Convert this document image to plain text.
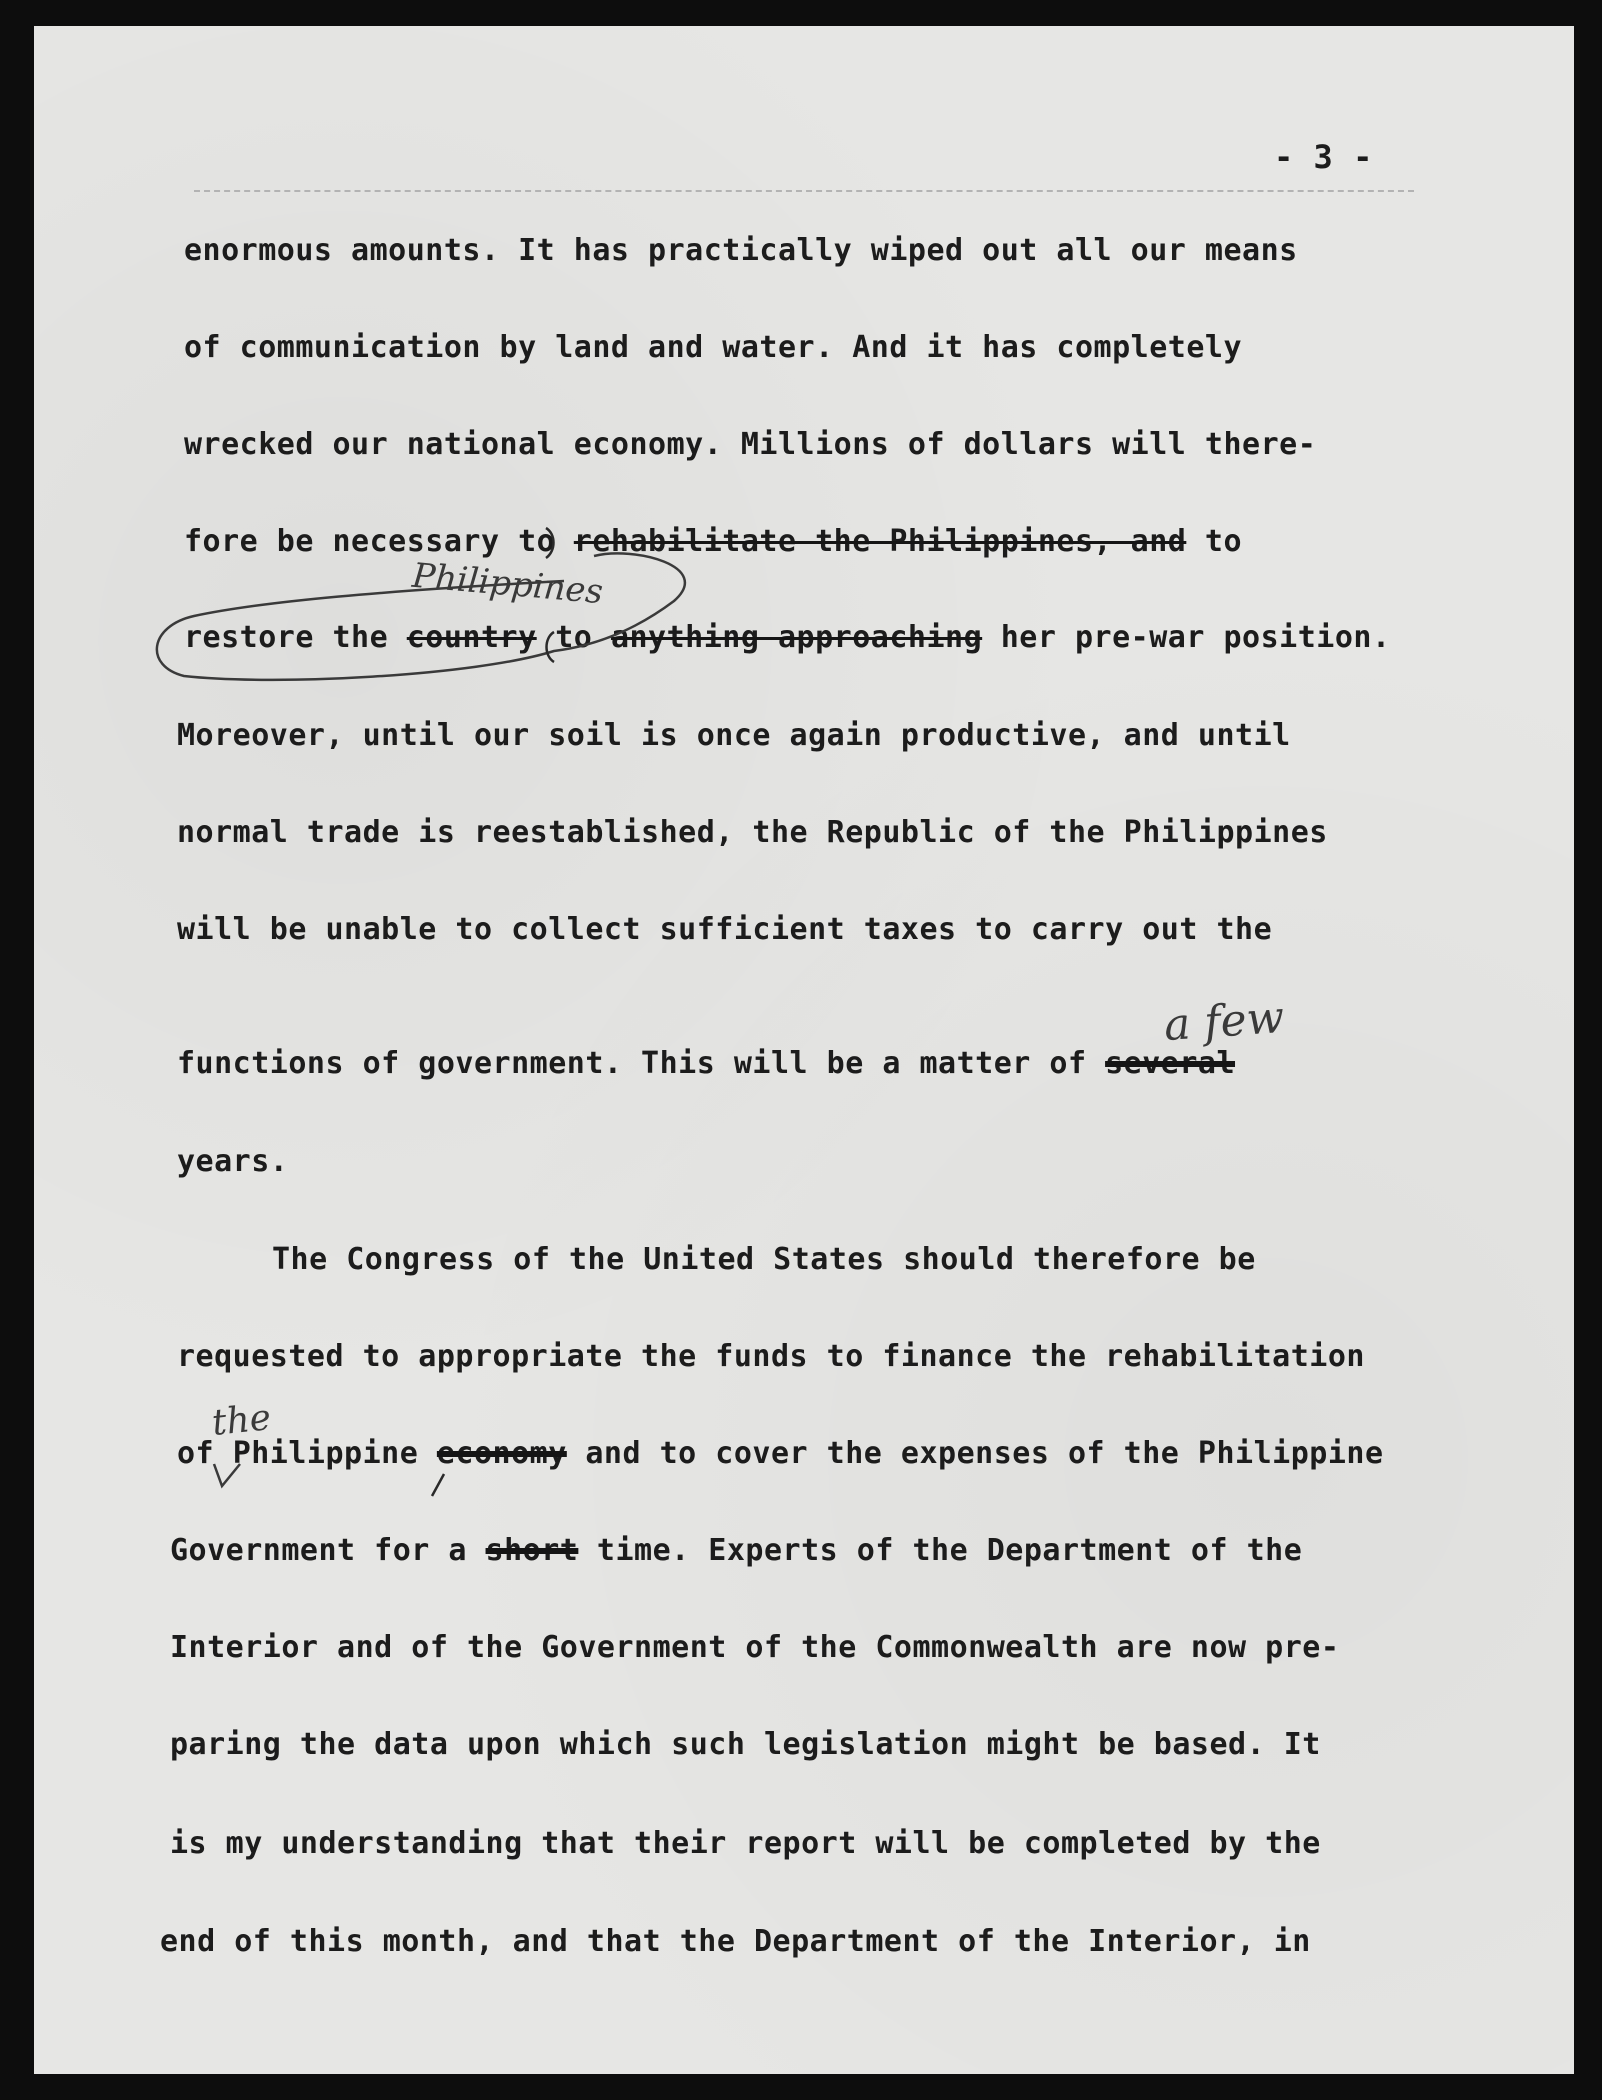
- 3 -
enormous amounts. It has practically wiped out all our means
of communication by land and water. And it has completely
wrecked our national economy. Millions of dollars will there-
fore be necessary to rehabilitate the Philippines, and to
Philippines
restore the country to anything approaching her pre-war position.
Moreover, until our soil is once again productive, and until
normal trade is reestablished, the Republic of the Philippines
will be unable to collect sufficient taxes to carry out the
a few
functions of government. This will be a matter of several
years.
The Congress of the United States should therefore be
requested to appropriate the funds to finance the rehabilitation
the
of Philippine economy and to cover the expenses of the Philippine
Government for a short time. Experts of the Department of the
Interior and of the Government of the Commonwealth are now pre-
paring the data upon which such legislation might be based. It
is my understanding that their report will be completed by the
end of this month, and that the Department of the Interior, in
